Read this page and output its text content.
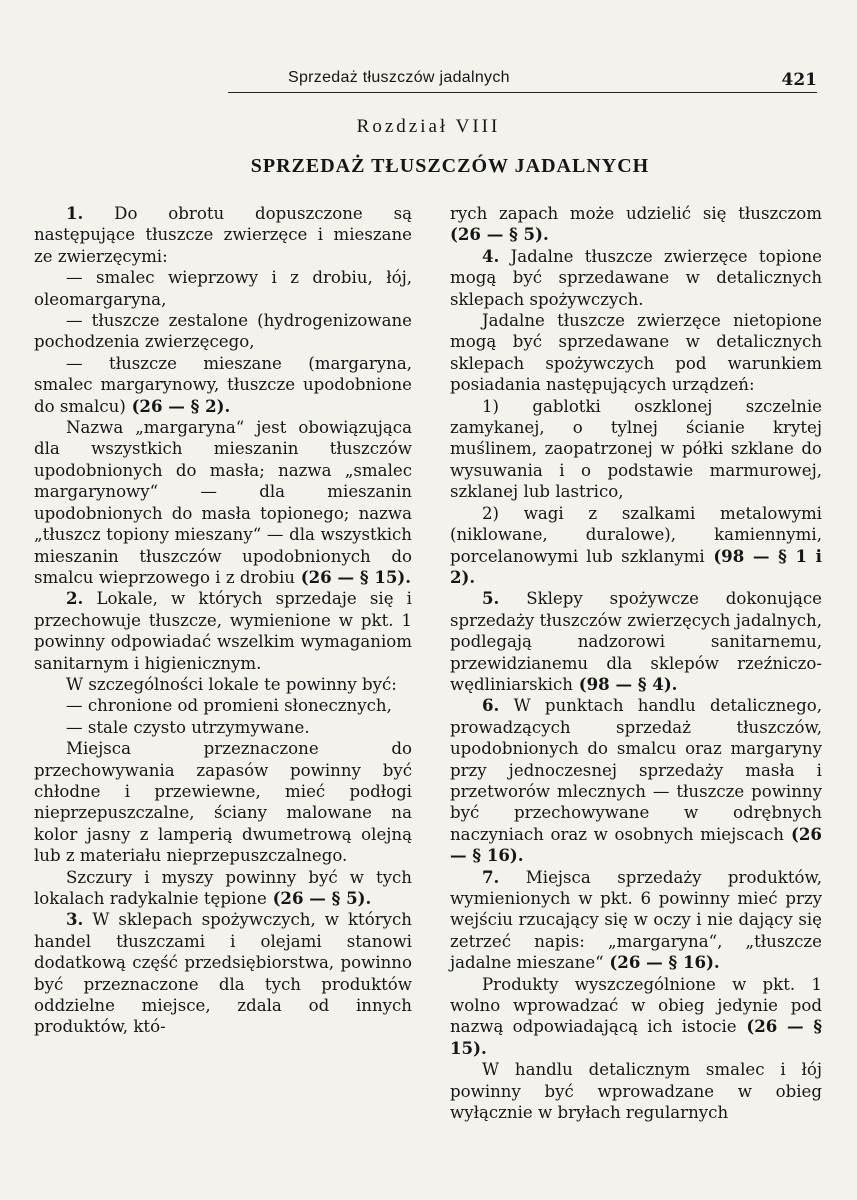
Sprzedaż tłuszczów jadalnych	421
Rozdział VIII
SPRZEDAŻ TŁUSZCZÓW JADALNYCH

1. Do obrotu dopuszczone są następujące tłuszcze zwierzęce i mieszane ze zwierzęcymi:

— smalec wieprzowy i z drobiu, łój, oleomargaryna,

— tłuszcze zestalone (hydrogenizowane pochodzenia zwierzęcego,

— tłuszcze mieszane (margaryna, smalec margarynowy, tłuszcze upodobnione do smalcu) (26 — § 2).

Nazwa „margaryna“ jest obowiązująca dla wszystkich mieszanin tłuszczów upodobnionych do masła; nazwa „smalec margarynowy“ — dla mieszanin upodobnionych do masła topionego; nazwa „tłuszcz topiony mieszany“ — dla wszystkich mieszanin tłuszczów upodobnionych do smalcu wieprzowego i z drobiu (26 — § 15).

2. Lokale, w których sprzedaje się i przechowuje tłuszcze, wymienione w pkt. 1 powinny odpowiadać wszelkim wymaganiom sanitarnym i higienicznym.

W szczególności lokale te powinny być:

— chronione od promieni słonecznych,

— stale czysto utrzymywane.

Miejsca przeznaczone do przechowywania zapasów powinny być chłodne i przewiewne, mieć podłogi nieprzepuszczalne, ściany malowane na kolor jasny z lamperią dwumetrową olejną lub z materiału nieprzepuszczalnego.

Szczury i myszy powinny być w tych lokalach radykalnie tępione (26 — § 5).

3. W sklepach spożywczych, w których handel tłuszczami i olejami stanowi dodatkową część przedsiębiorstwa, powinno być przeznaczone dla tych produktów oddzielne miejsce, zdala od innych produktów, któ-

rych zapach może udzielić się tłuszczom (26 — § 5).

4. Jadalne tłuszcze zwierzęce topione mogą być sprzedawane w detalicznych sklepach spożywczych.

Jadalne tłuszcze zwierzęce nietopione mogą być sprzedawane w detalicznych sklepach spożywczych pod warunkiem posiadania następujących urządzeń:

1) gablotki oszklonej szczelnie zamykanej, o tylnej ścianie krytej muślinem, zaopatrzonej w półki szklane do wysuwania i o podstawie marmurowej, szklanej lub lastrico,

2) wagi z szalkami metalowymi (niklowane, duralowe), kamiennymi, porcelanowymi lub szklanymi (98 — § 1 i 2).

5. Sklepy spożywcze dokonujące sprzedaży tłuszczów zwierzęcych jadalnych, podlegają nadzorowi sanitarnemu, przewidzianemu dla sklepów rzeźniczo-wędliniarskich (98 — § 4).

6. W punktach handlu detalicznego, prowadzących sprzedaż tłuszczów, upodobnionych do smalcu oraz margaryny przy jednoczesnej sprzedaży masła i przetworów mlecznych — tłuszcze powinny być przechowywane w odrębnych naczyniach oraz w osobnych miejscach (26 — § 16).

7. Miejsca sprzedaży produktów, wymienionych w pkt. 6 powinny mieć przy wejściu rzucający się w oczy i nie dający się zetrzeć napis: „margaryna“, „tłuszcze jadalne mieszane“ (26 — § 16).

Produkty wyszczególnione w pkt. 1 wolno wprowadzać w obieg jedynie pod nazwą odpowiadającą ich istocie (26 — § 15).

W handlu detalicznym smalec i łój powinny być wprowadzane w obieg wyłącznie w bryłach regularnych
